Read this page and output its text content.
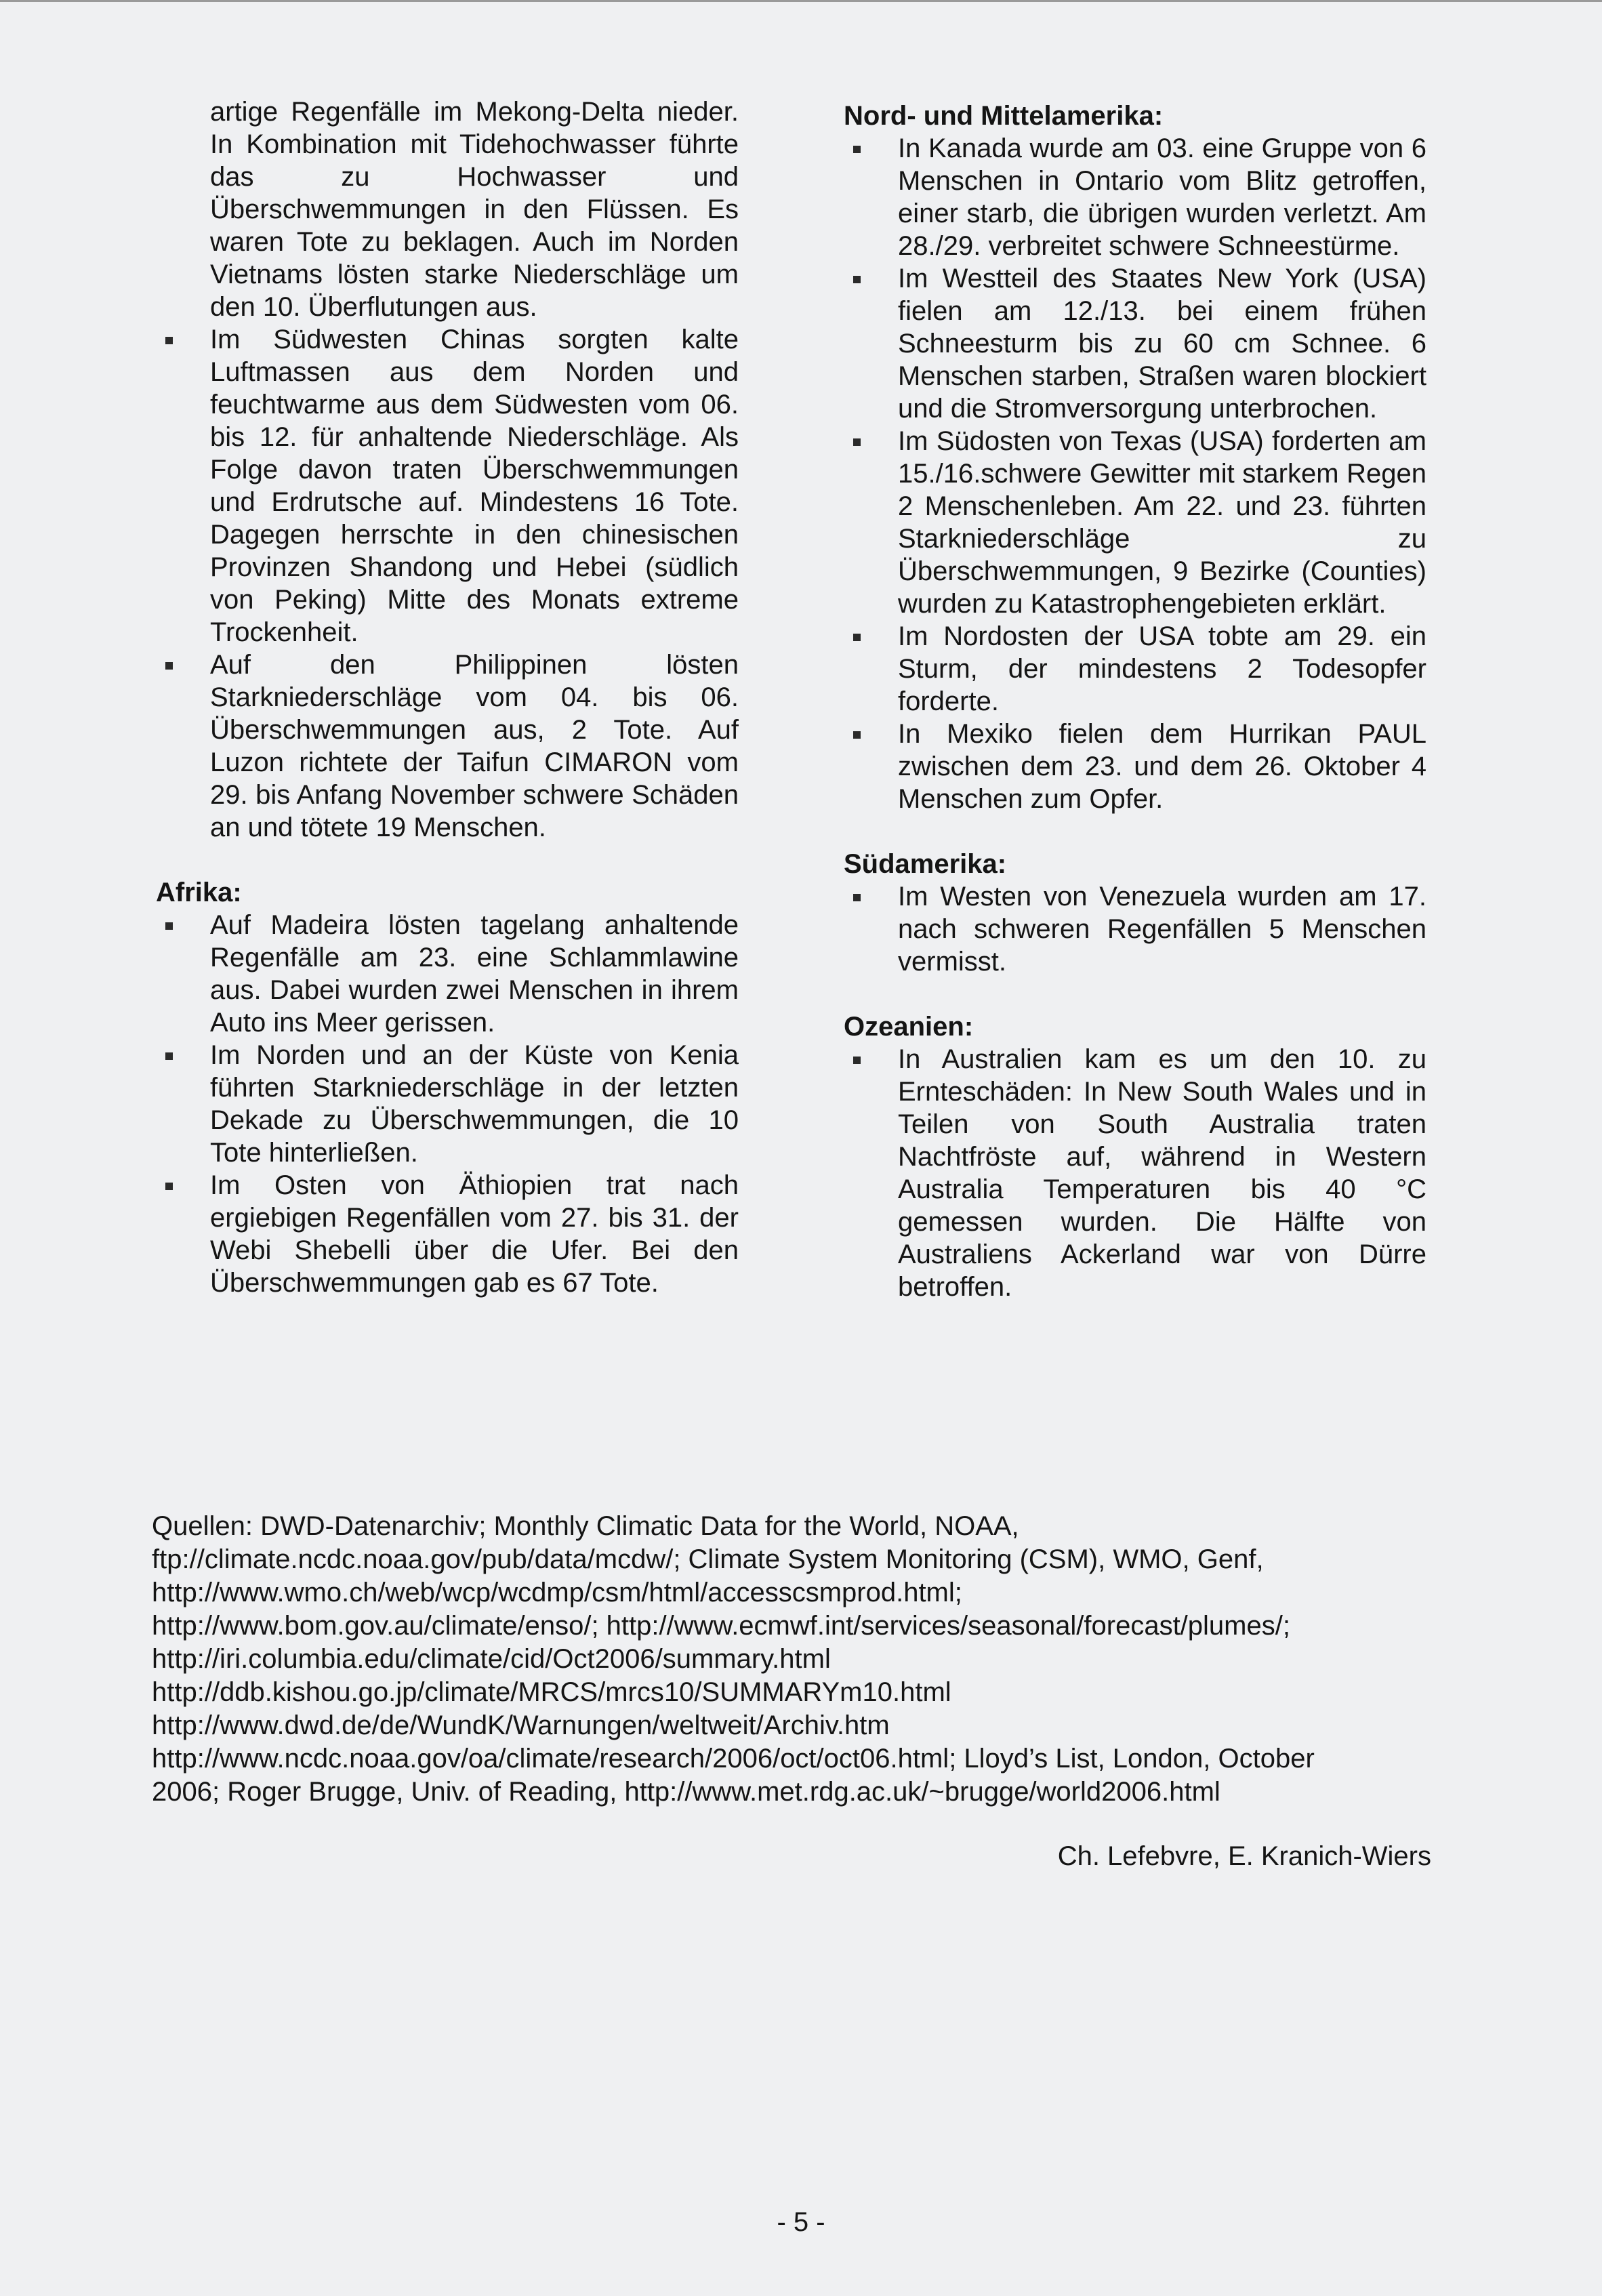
artige Regenfälle im Mekong-Delta nieder. In Kombination mit Tidehochwasser führte das zu Hochwasser und Überschwemmungen in den Flüssen. Es waren Tote zu beklagen. Auch im Norden Vietnams lösten starke Niederschläge um den 10. Überflutungen aus.
Im Südwesten Chinas sorgten kalte Luftmassen aus dem Norden und feuchtwarme aus dem Südwesten vom 06. bis 12. für anhaltende Niederschläge. Als Folge davon traten Überschwemmungen und Erdrutsche auf. Mindestens 16 Tote. Dagegen herrschte in den chinesischen Provinzen Shandong und Hebei (südlich von Peking) Mitte des Monats extreme Trockenheit.
Auf den Philippinen lösten Starkniederschläge vom 04. bis 06. Überschwemmungen aus, 2 Tote. Auf Luzon richtete der Taifun CIMARON vom 29. bis Anfang November schwere Schäden an und tötete 19 Menschen.
Afrika:
Auf Madeira lösten tagelang anhaltende Regenfälle am 23. eine Schlammlawine aus. Dabei wurden zwei Menschen in ihrem Auto ins Meer gerissen.
Im Norden und an der Küste von Kenia führten Starkniederschläge in der letzten Dekade zu Überschwemmungen, die 10 Tote hinterließen.
Im Osten von Äthiopien trat nach ergiebigen Regenfällen vom 27. bis 31. der Webi Shebelli über die Ufer. Bei den Überschwemmungen gab es 67 Tote.
Nord- und Mittelamerika:
In Kanada wurde am 03. eine Gruppe von 6 Menschen in Ontario vom Blitz getroffen, einer starb, die übrigen wurden verletzt. Am 28./29. verbreitet schwere Schneestürme.
Im Westteil des Staates New York (USA) fielen am 12./13. bei einem frühen Schneesturm bis zu 60 cm Schnee. 6 Menschen starben, Straßen waren blockiert und die Stromversorgung unterbrochen.
Im Südosten von Texas (USA) forderten am 15./16.schwere Gewitter mit starkem Regen 2 Menschenleben. Am 22. und 23. führten Starkniederschläge zu Überschwemmungen, 9 Bezirke (Counties) wurden zu Katastrophengebieten erklärt.
Im Nordosten der USA tobte am 29. ein Sturm, der mindestens 2 Todesopfer forderte.
In Mexiko fielen dem Hurrikan PAUL zwischen dem 23. und dem 26. Oktober 4 Menschen zum Opfer.
Südamerika:
Im Westen von Venezuela wurden am 17. nach schweren Regenfällen 5 Menschen vermisst.
Ozeanien:
In Australien kam es um den 10. zu Ernteschäden: In New South Wales und in Teilen von South Australia traten Nachtfröste auf, während in Western Australia Temperaturen bis 40 °C gemessen wurden. Die Hälfte von Australiens Ackerland war von Dürre betroffen.
Quellen: DWD-Datenarchiv; Monthly Climatic Data for the World, NOAA,
ftp://climate.ncdc.noaa.gov/pub/data/mcdw/; Climate System Monitoring (CSM), WMO, Genf,
http://www.wmo.ch/web/wcp/wcdmp/csm/html/accesscsmprod.html;
http://www.bom.gov.au/climate/enso/; http://www.ecmwf.int/services/seasonal/forecast/plumes/;
http://iri.columbia.edu/climate/cid/Oct2006/summary.html
http://ddb.kishou.go.jp/climate/MRCS/mrcs10/SUMMARYm10.html
http://www.dwd.de/de/WundK/Warnungen/weltweit/Archiv.htm
http://www.ncdc.noaa.gov/oa/climate/research/2006/oct/oct06.html; Lloyd’s List, London, October
2006; Roger Brugge, Univ. of Reading, http://www.met.rdg.ac.uk/~brugge/world2006.html
Ch. Lefebvre, E. Kranich-Wiers
- 5 -
